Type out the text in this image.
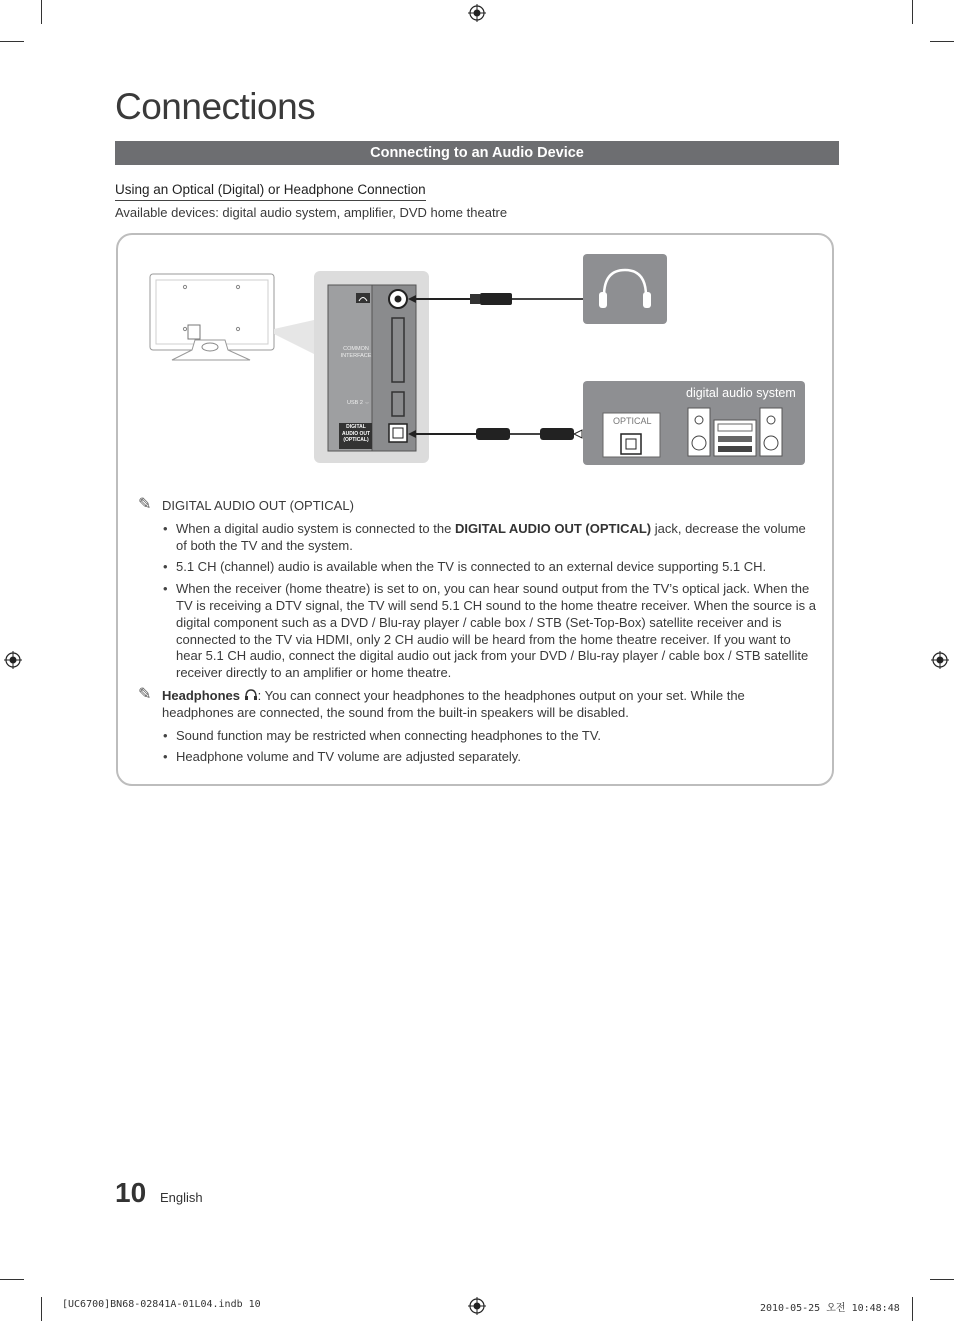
Connections
Connecting to an Audio Device
Using an Optical (Digital) or Headphone Connection
Available devices: digital audio system, amplifier, DVD home theatre
COMMON INTERFACE
USB 2 ⇔
DIGITAL
AUDIO OUT
(OPTICAL)
digital audio system
OPTICAL
✎ DIGITAL AUDIO OUT (OPTICAL)
• When a digital audio system is connected to the DIGITAL AUDIO OUT (OPTICAL) jack, decrease the volume of both the TV and the system.
• 5.1 CH (channel) audio is available when the TV is connected to an external device supporting 5.1 CH.
• When the receiver (home theatre) is set to on, you can hear sound output from the TV’s optical jack. When the TV is receiving a DTV signal, the TV will send 5.1 CH sound to the home theatre receiver. When the source is a digital component such as a DVD / Blu-ray player / cable box / STB (Set-Top-Box) satellite receiver and is connected to the TV via HDMI, only 2 CH audio will be heard from the home theatre receiver. If you want to hear 5.1 CH audio, connect the digital audio out jack from your DVD / Blu-ray player / cable box / STB satellite receiver directly to an amplifier or home theatre.
✎ Headphones : You can connect your headphones to the headphones output on your set. While the headphones are connected, the sound from the built-in speakers will be disabled.
• Sound function may be restricted when connecting headphones to the TV.
• Headphone volume and TV volume are adjusted separately.
10 English
[UC6700]BN68-02841A-01L04.indb 10	2010-05-25 오전 10:48:48
